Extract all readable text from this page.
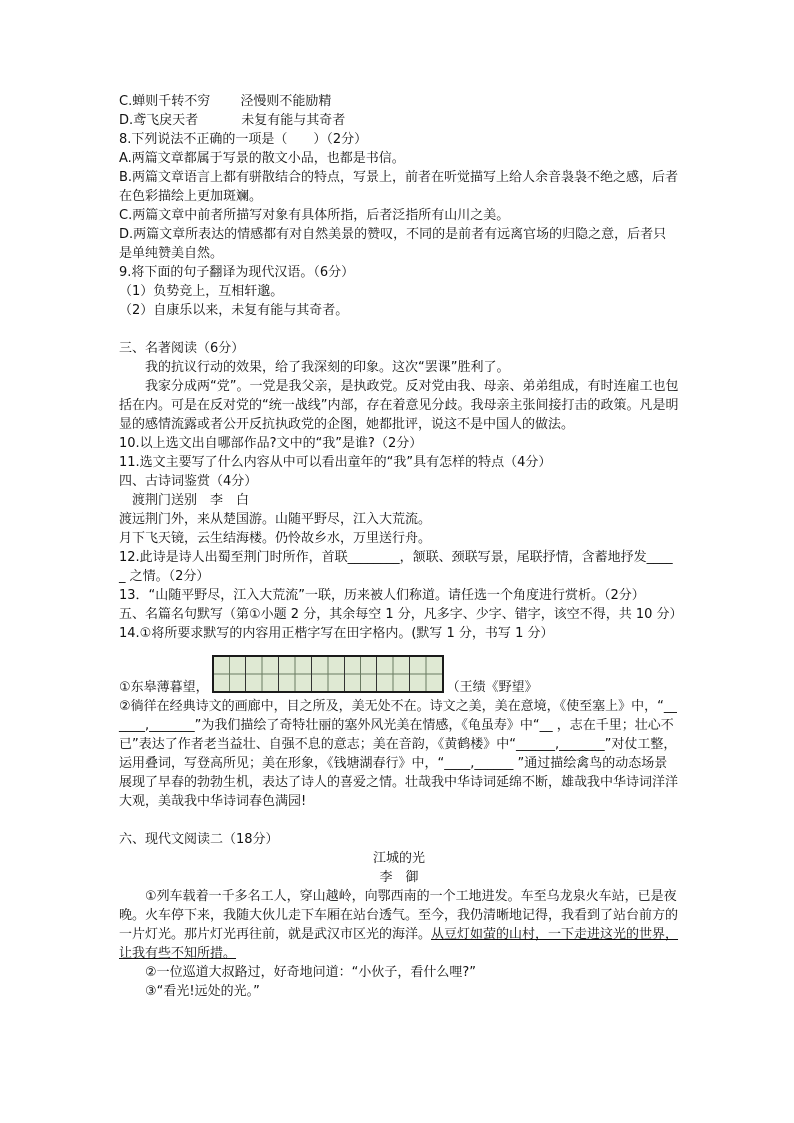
C.蝉则千转不穷　　 泾慢则不能励精
D.鸢飞戾天者　　　 未复有能与其奇者
8.下列说法不正确的一项是（　　）（2分）
A.两篇文章都属于写景的散文小品，也都是书信。
B.两篇文章语言上都有骈散结合的特点，写景上，前者在听觉描写上给人余音袅袅不绝之感，后者在色彩描绘上更加斑斓。
C.两篇文章中前者所描写对象有具体所指，后者泛指所有山川之美。
D.两篇文章所表达的情感都有对自然美景的赞叹，不同的是前者有远离官场的归隐之意，后者只是单纯赞美自然。
9.将下面的句子翻译为现代汉语。（6分）
（1）负势竞上，互相轩邈。
（2）自康乐以来，未复有能与其奇者。
三、名著阅读（6分）
我的抗议行动的效果，给了我深刻的印象。这次“罢课”胜利了。
我家分成两“党”。一党是我父亲，是执政党。反对党由我、母亲、弟弟组成，有时连雇工也包括在内。可是在反对党的“统一战线”内部，存在着意见分歧。我母亲主张间接打击的政策。凡是明显的感情流露或者公开反抗执政党的企图，她都批评，说这不是中国人的做法。
10.以上选文出自哪部作品?文中的“我”是谁?（2分）
11.选文主要写了什么内容从中可以看出童年的“我”具有怎样的特点（4分）
四、古诗词鉴赏（4分）
渡荆门送别　李　白
渡远荆门外，来从楚国游。山随平野尽，江入大荒流。
月下飞天镜，云生结海楼。仍怜故乡水，万里送行舟。
12.此诗是诗人出蜀至荆门时所作，首联________，颔联、颈联写景，尾联抒情，含蓄地抒发_____ 之情。（2分）
13．“山随平野尽，江入大荒流”一联，历来被人们称道。请任选一个角度进行赏析。（2分）
五、名篇名句默写（第①小题 2 分，其余每空 1 分，凡多字、少字、错字，该空不得，共 10 分）
14.①将所要求默写的内容用正楷字写在田字格内。(默写 1 分，书写 1 分）
①东皋薄暮望，	（王绩《野望》
②徜徉在经典诗文的画廊中，目之所及，美无处不在。诗文之美，美在意境，《使至塞上》中，“______,_______”为我们描绘了奇特壮丽的塞外风光美在情感，《龟虽寿》中“__ ，志在千里；壮心不已”表达了作者老当益壮、自强不息的意志；美在音韵，《黄鹤楼》中“______,_______”对仗工整，运用叠词，写登高所见；美在形象，《钱塘湖春行》中，“____,______ ”通过描绘禽鸟的动态场景展现了早春的勃勃生机，表达了诗人的喜爱之情。壮哉我中华诗词延绵不断，雄哉我中华诗词洋洋大观，美哉我中华诗词春色满园!
六、现代文阅读二（18分）
江城的光
李　御
①列车载着一千多名工人，穿山越岭，向鄂西南的一个工地进发。车至乌龙泉火车站，已是夜晚。火车停下来，我随大伙儿走下车厢在站台透气。至今，我仍清晰地记得，我看到了站台前方的一片灯光。那片灯光再往前，就是武汉市区光的海洋。从豆灯如萤的山村，一下走进这光的世界，让我有些不知所措。
②一位巡道大叔路过，好奇地问道：“小伙子，看什么哩?”
③“看光!远处的光。”
